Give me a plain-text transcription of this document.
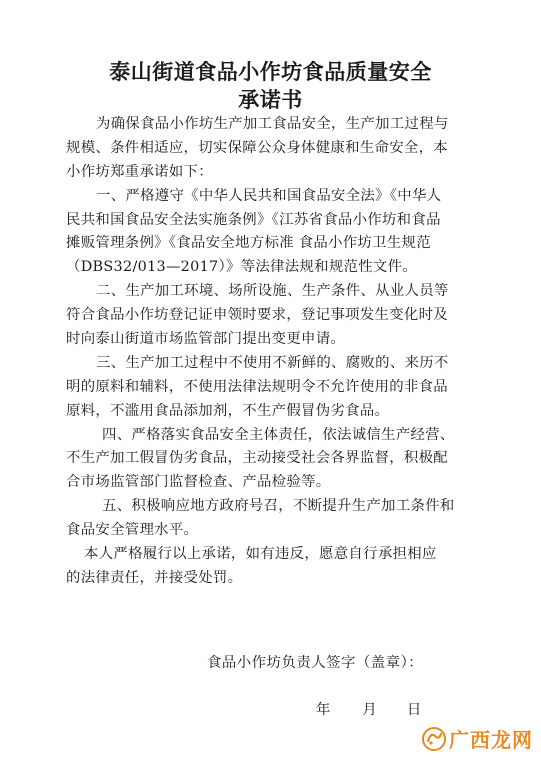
泰山街道食品小作坊食品质量安全
承诺书
为确保食品小作坊生产加工食品安全，生产加工过程与
规模、条件相适应，切实保障公众身体健康和生命安全，本
小作坊郑重承诺如下：
一、严格遵守《中华人民共和国食品安全法》《中华人
民共和国食品安全法实施条例》《江苏省食品小作坊和食品
摊贩管理条例》《食品安全地方标准 食品小作坊卫生规范
（DBS32/013—2017）》等法律法规和规范性文件。
二、生产加工环境、场所设施、生产条件、从业人员等
符合食品小作坊登记证申领时要求，登记事项发生变化时及
时向泰山街道市场监管部门提出变更申请。
三、生产加工过程中不使用不新鲜的、腐败的、来历不
明的原料和辅料，不使用法律法规明令不允许使用的非食品
原料，不滥用食品添加剂，不生产假冒伪劣食品。
四、严格落实食品安全主体责任，依法诚信生产经营、
不生产加工假冒伪劣食品，主动接受社会各界监督，积极配
合市场监管部门监督检查、产品检验等。
五、积极响应地方政府号召，不断提升生产加工条件和
食品安全管理水平。
本人严格履行以上承诺，如有违反，愿意自行承担相应
的法律责任，并接受处罚。
食品小作坊负责人签字（盖章）：
年 月 日
广西龙网
